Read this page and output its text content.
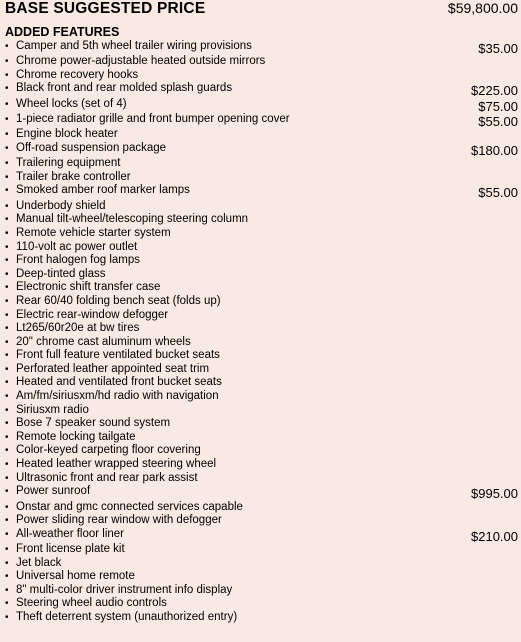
BASE SUGGESTED PRICE	$59,800.00
ADDED FEATURES
• Camper and 5th wheel trailer wiring provisions	$35.00
• Chrome power-adjustable heated outside mirrors
• Chrome recovery hooks
• Black front and rear molded splash guards	$225.00
• Wheel locks (set of 4)	$75.00
• 1-piece radiator grille and front bumper opening cover	$55.00
• Engine block heater
• Off-road suspension package	$180.00
• Trailering equipment
• Trailer brake controller
• Smoked amber roof marker lamps	$55.00
• Underbody shield
• Manual tilt-wheel/telescoping steering column
• Remote vehicle starter system
• 110-volt ac power outlet
• Front halogen fog lamps
• Deep-tinted glass
• Electronic shift transfer case
• Rear 60/40 folding bench seat (folds up)
• Electric rear-window defogger
• Lt265/60r20e at bw tires
• 20" chrome cast aluminum wheels
• Front full feature ventilated bucket seats
• Perforated leather appointed seat trim
• Heated and ventilated front bucket seats
• Am/fm/siriusxm/hd radio with navigation
• Siriusxm radio
• Bose 7 speaker sound system
• Remote locking tailgate
• Color-keyed carpeting floor covering
• Heated leather wrapped steering wheel
• Ultrasonic front and rear park assist
• Power sunroof	$995.00
• Onstar and gmc connected services capable
• Power sliding rear window with defogger
• All-weather floor liner	$210.00
• Front license plate kit
• Jet black
• Universal home remote
• 8" multi-color driver instrument info display
• Steering wheel audio controls
• Theft deterrent system (unauthorized entry)
